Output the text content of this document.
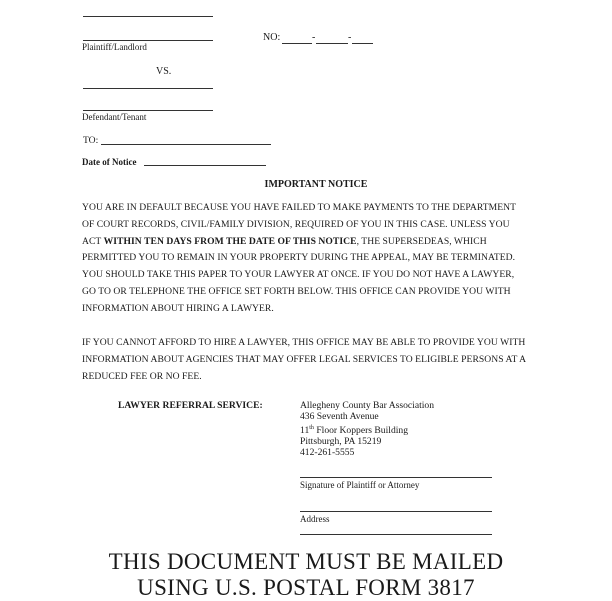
Plaintiff/Landlord
NO:	-	-
VS.
Defendant/Tenant
TO:
Date of Notice
IMPORTANT NOTICE
YOU ARE IN DEFAULT BECAUSE YOU HAVE FAILED TO MAKE PAYMENTS TO THE DEPARTMENT
OF COURT RECORDS, CIVIL/FAMILY DIVISION, REQUIRED OF YOU IN THIS CASE. UNLESS YOU
ACT WITHIN TEN DAYS FROM THE DATE OF THIS NOTICE, THE SUPERSEDEAS, WHICH
PERMITTED YOU TO REMAIN IN YOUR PROPERTY DURING THE APPEAL, MAY BE TERMINATED.
YOU SHOULD TAKE THIS PAPER TO YOUR LAWYER AT ONCE. IF YOU DO NOT HAVE A LAWYER,
GO TO OR TELEPHONE THE OFFICE SET FORTH BELOW. THIS OFFICE CAN PROVIDE YOU WITH
INFORMATION ABOUT HIRING A LAWYER.
IF YOU CANNOT AFFORD TO HIRE A LAWYER, THIS OFFICE MAY BE ABLE TO PROVIDE YOU WITH
INFORMATION ABOUT AGENCIES THAT MAY OFFER LEGAL SERVICES TO ELIGIBLE PERSONS AT A
REDUCED FEE OR NO FEE.
LAWYER REFERRAL SERVICE:	Allegheny County Bar Association
436 Seventh Avenue
11th Floor Koppers Building
Pittsburgh, PA 15219
412-261-5555
Signature of Plaintiff or Attorney
Address
THIS DOCUMENT MUST BE MAILED
USING U.S. POSTAL FORM 3817
